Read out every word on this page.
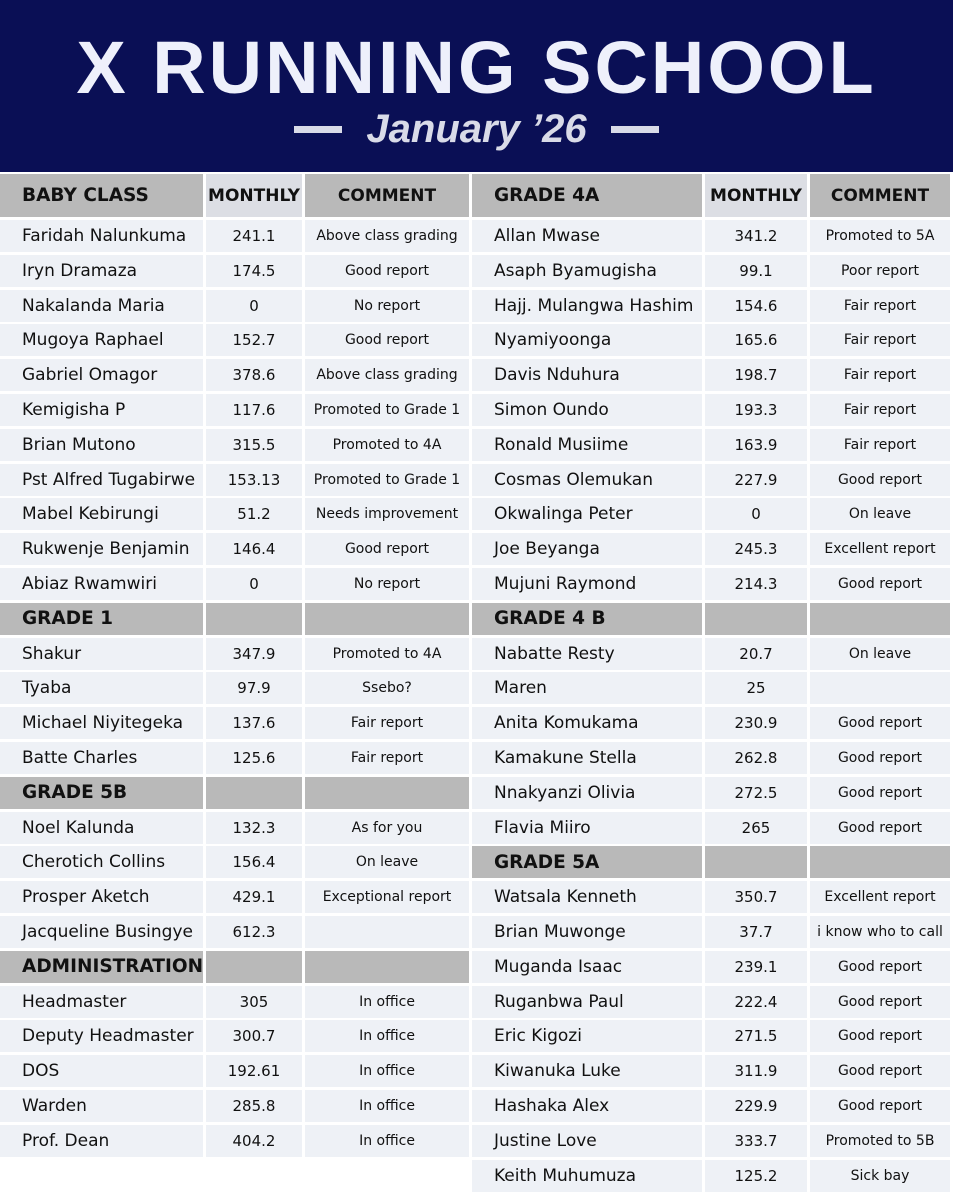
X RUNNING SCHOOL
January ’26
BABY CLASS	MONTHLY	COMMENT
Faridah Nalunkuma	241.1	Above class grading
Iryn Dramaza	174.5	Good report
Nakalanda Maria	0	No report
Mugoya Raphael	152.7	Good report
Gabriel Omagor	378.6	Above class grading
Kemigisha P	117.6	Promoted to Grade 1
Brian Mutono	315.5	Promoted to 4A
Pst Alfred Tugabirwe	153.13	Promoted to Grade 1
Mabel Kebirungi	51.2	Needs improvement
Rukwenje Benjamin	146.4	Good report
Abiaz Rwamwiri	0	No report
GRADE 1
Shakur	347.9	Promoted to 4A
Tyaba	97.9	Ssebo?
Michael Niyitegeka	137.6	Fair report
Batte Charles	125.6	Fair report
GRADE 5B
Noel Kalunda	132.3	As for you
Cherotich Collins	156.4	On leave
Prosper Aketch	429.1	Exceptional report
Jacqueline Busingye	612.3
ADMINISTRATION
Headmaster	305	In office
Deputy Headmaster	300.7	In office
DOS	192.61	In office
Warden	285.8	In office
Prof. Dean	404.2	In office
GRADE 4A	MONTHLY	COMMENT
Allan Mwase	341.2	Promoted to 5A
Asaph Byamugisha	99.1	Poor report
Hajj. Mulangwa Hashim	154.6	Fair report
Nyamiyoonga	165.6	Fair report
Davis Nduhura	198.7	Fair report
Simon Oundo	193.3	Fair report
Ronald Musiime	163.9	Fair report
Cosmas Olemukan	227.9	Good report
Okwalinga Peter	0	On leave
Joe Beyanga	245.3	Excellent report
Mujuni Raymond	214.3	Good report
GRADE 4 B
Nabatte Resty	20.7	On leave
Maren	25
Anita Komukama	230.9	Good report
Kamakune Stella	262.8	Good report
Nnakyanzi Olivia	272.5	Good report
Flavia Miiro	265	Good report
GRADE 5A
Watsala Kenneth	350.7	Excellent report
Brian Muwonge	37.7	i know who to call
Muganda Isaac	239.1	Good report
Ruganbwa Paul	222.4	Good report
Eric Kigozi	271.5	Good report
Kiwanuka Luke	311.9	Good report
Hashaka Alex	229.9	Good report
Justine Love	333.7	Promoted to 5B
Keith Muhumuza	125.2	Sick bay
